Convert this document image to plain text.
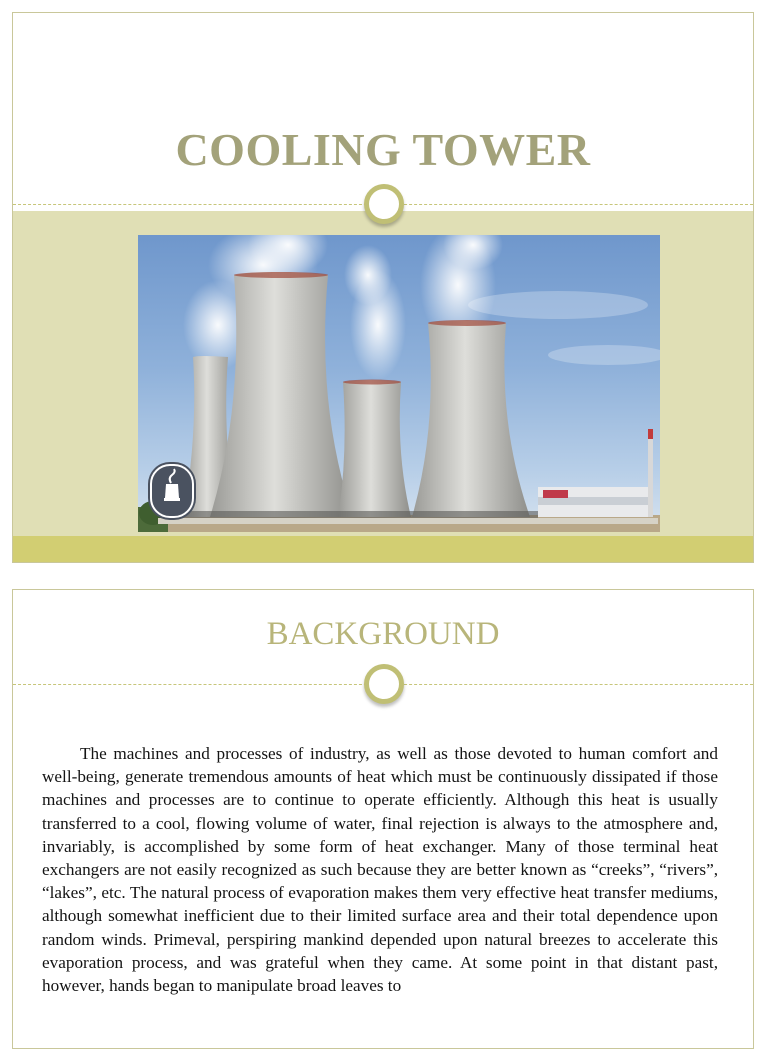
COOLING TOWER
BACKGROUND

The machines and processes of industry, as well as those devoted to human comfort and well-being, generate tremendous amounts of heat which must be continuously dissipated if those machines and processes are to continue to operate efficiently. Although this heat is usually transferred to a cool, flowing volume of water, final rejection is always to the atmosphere and, invariably, is accomplished by some form of heat exchanger. Many of those terminal heat exchangers are not easily recognized as such because they are better known as “creeks”, “rivers”, “lakes”, etc. The natural process of evaporation makes them very effective heat transfer mediums, although somewhat inefficient due to their limited surface area and their total dependence upon random winds. Primeval, perspiring mankind depended upon natural breezes to accelerate this evaporation process, and was grateful when they came. At some point in that distant past, however, hands began to manipulate broad leaves to
